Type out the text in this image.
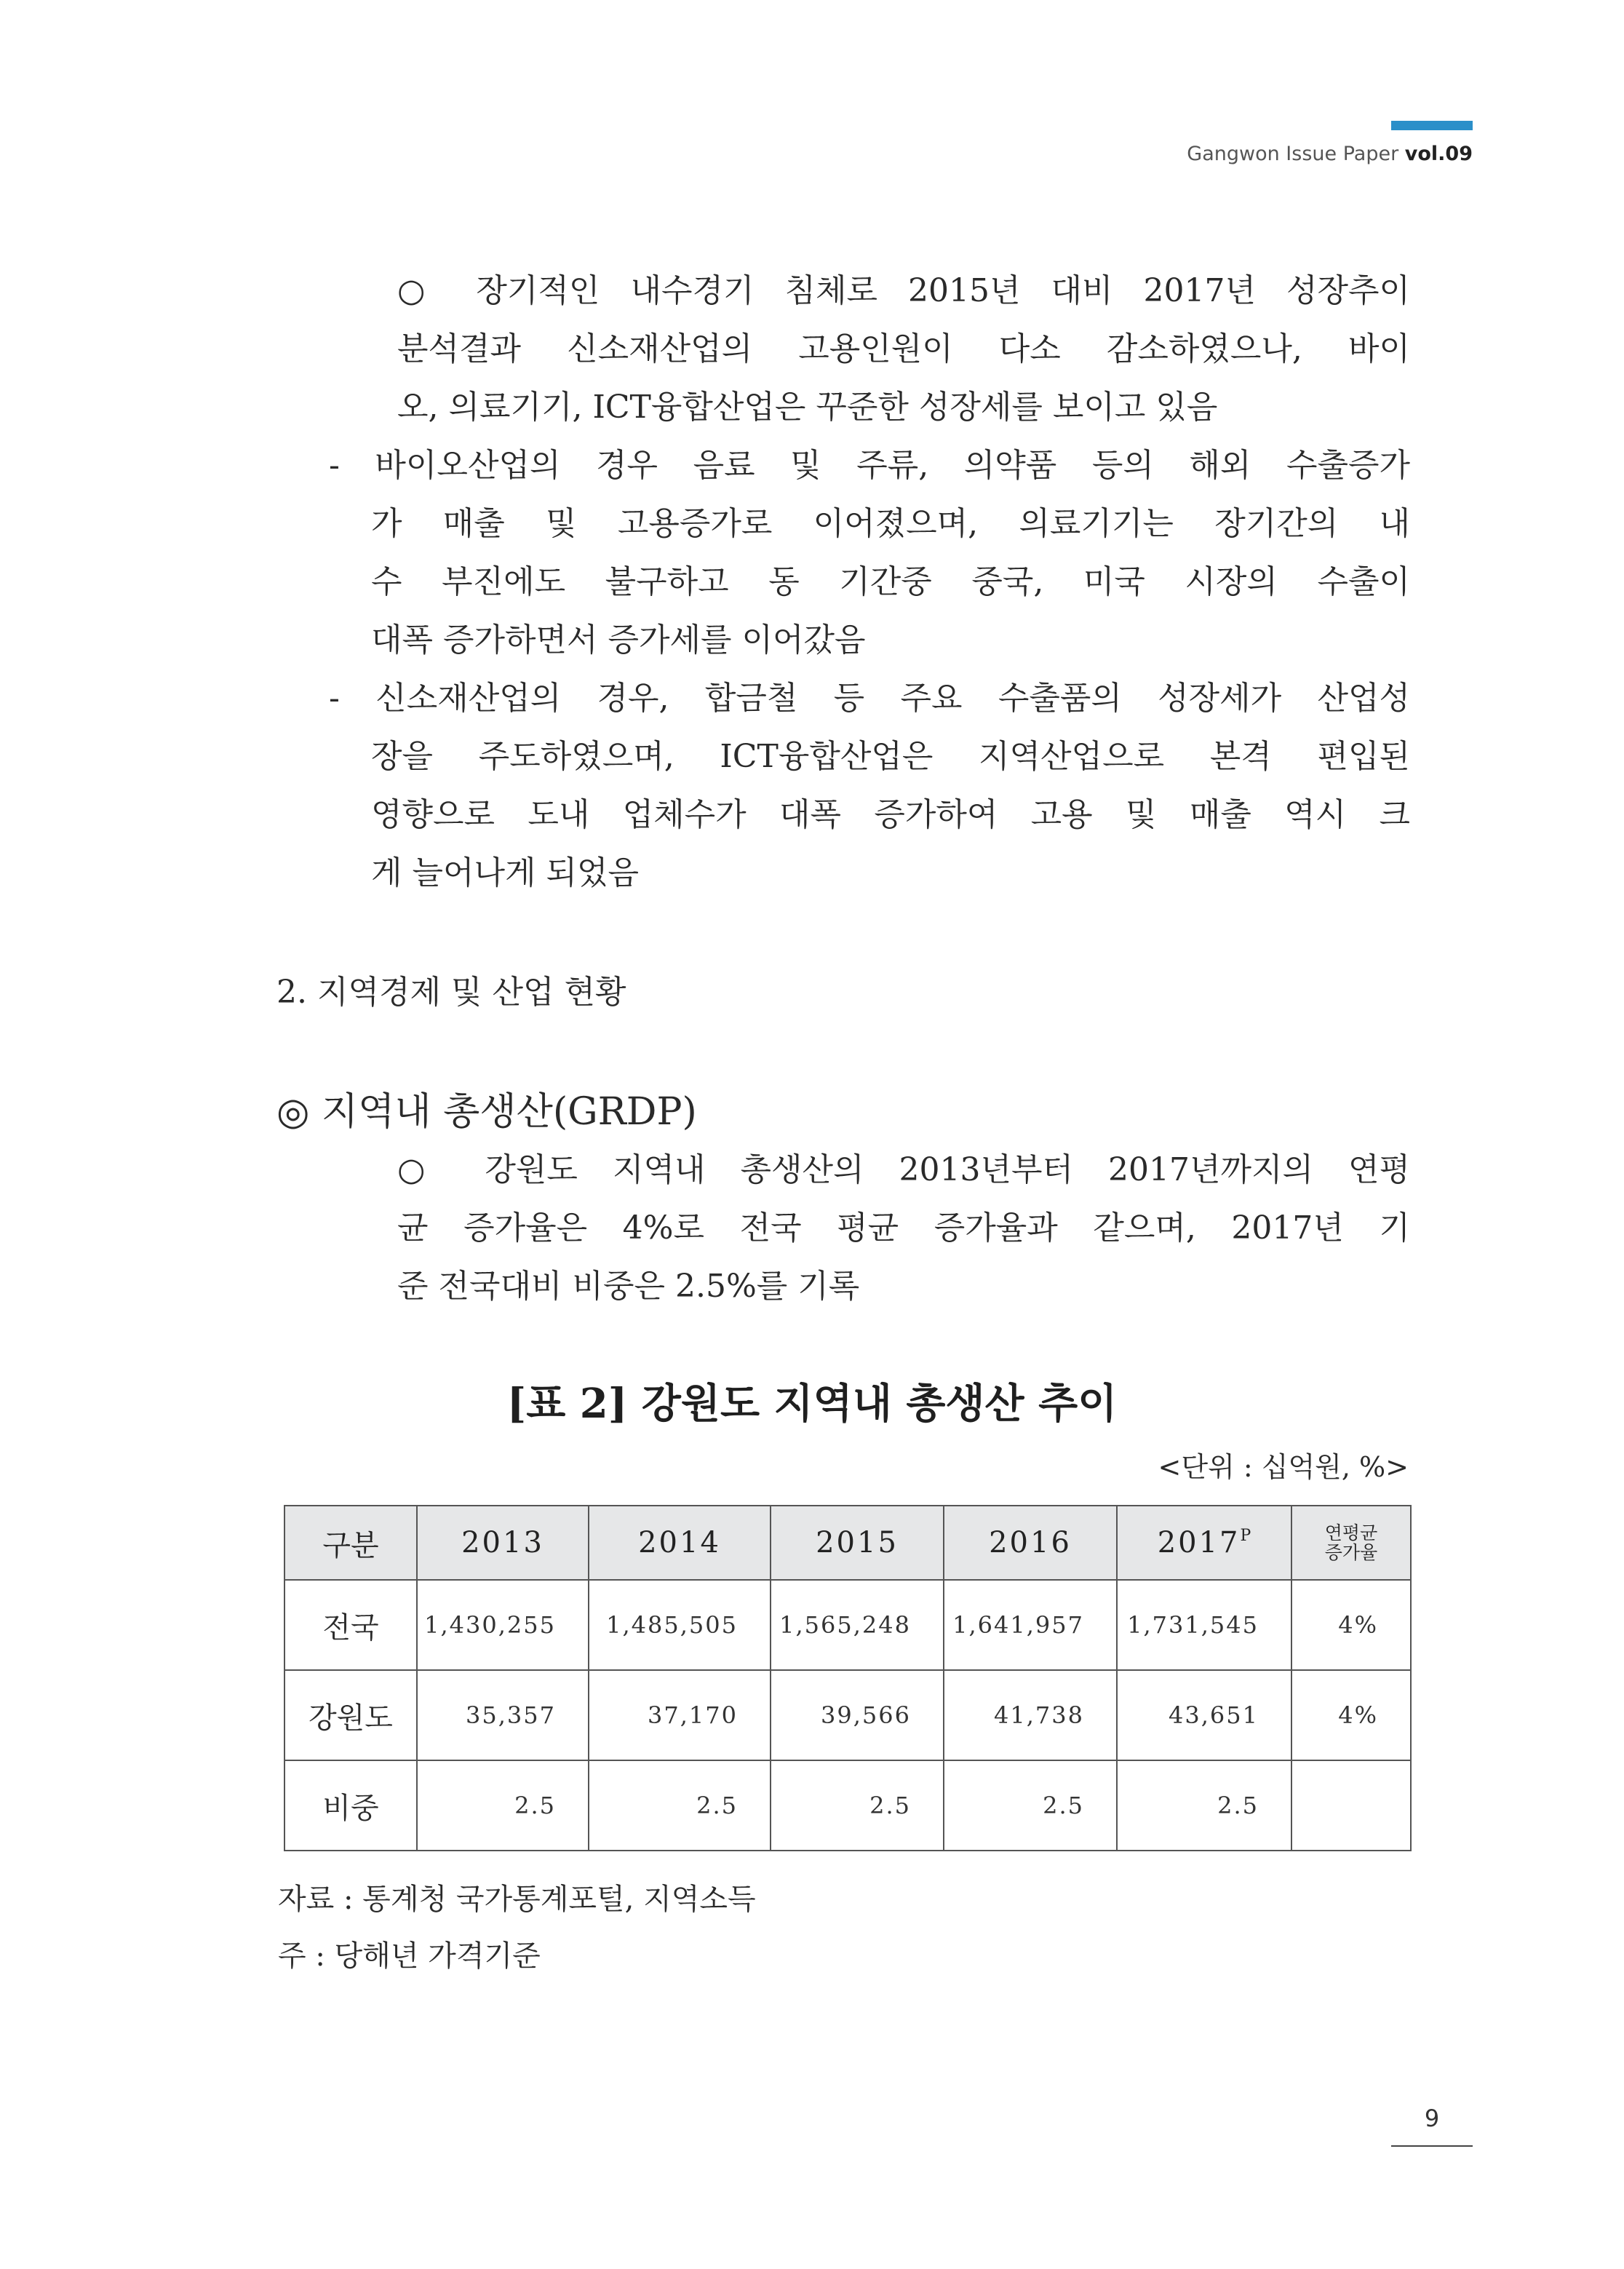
Gangwon Issue Paper vol.09
○ 장기적인 내수경기 침체로 2015년 대비 2017년 성장추이
분석결과 신소재산업의 고용인원이 다소 감소하였으나, 바이
오, 의료기기, ICT융합산업은 꾸준한 성장세를 보이고 있음
- 바이오산업의 경우 음료 및 주류, 의약품 등의 해외 수출증가
가 매출 및 고용증가로 이어졌으며, 의료기기는 장기간의 내
수 부진에도 불구하고 동 기간중 중국, 미국 시장의 수출이
대폭 증가하면서 증가세를 이어갔음
- 신소재산업의 경우, 합금철 등 주요 수출품의 성장세가 산업성
장을 주도하였으며, ICT융합산업은 지역산업으로 본격 편입된
영향으로 도내 업체수가 대폭 증가하여 고용 및 매출 역시 크
게 늘어나게 되었음
2. 지역경제 및 산업 현황
◎ 지역내 총생산(GRDP)
○ 강원도 지역내 총생산의 2013년부터 2017년까지의 연평
균 증가율은 4%로 전국 평균 증가율과 같으며, 2017년 기
준 전국대비 비중은 2.5%를 기록
[표 2] 강원도 지역내 총생산 추이
<단위 : 십억원, %>
구분	2013	2014	2015	2016	$2017^P$	연평균
증가율
전국	1,430,255	1,485,505	1,565,248	1,641,957	1,731,545	4%
강원도	35,357	37,170	39,566	41,738	43,651	4%
비중	2.5	2.5	2.5	2.5	2.5	
자료 : 통계청 국가통계포털, 지역소득
주 : 당해년 가격기준
9
